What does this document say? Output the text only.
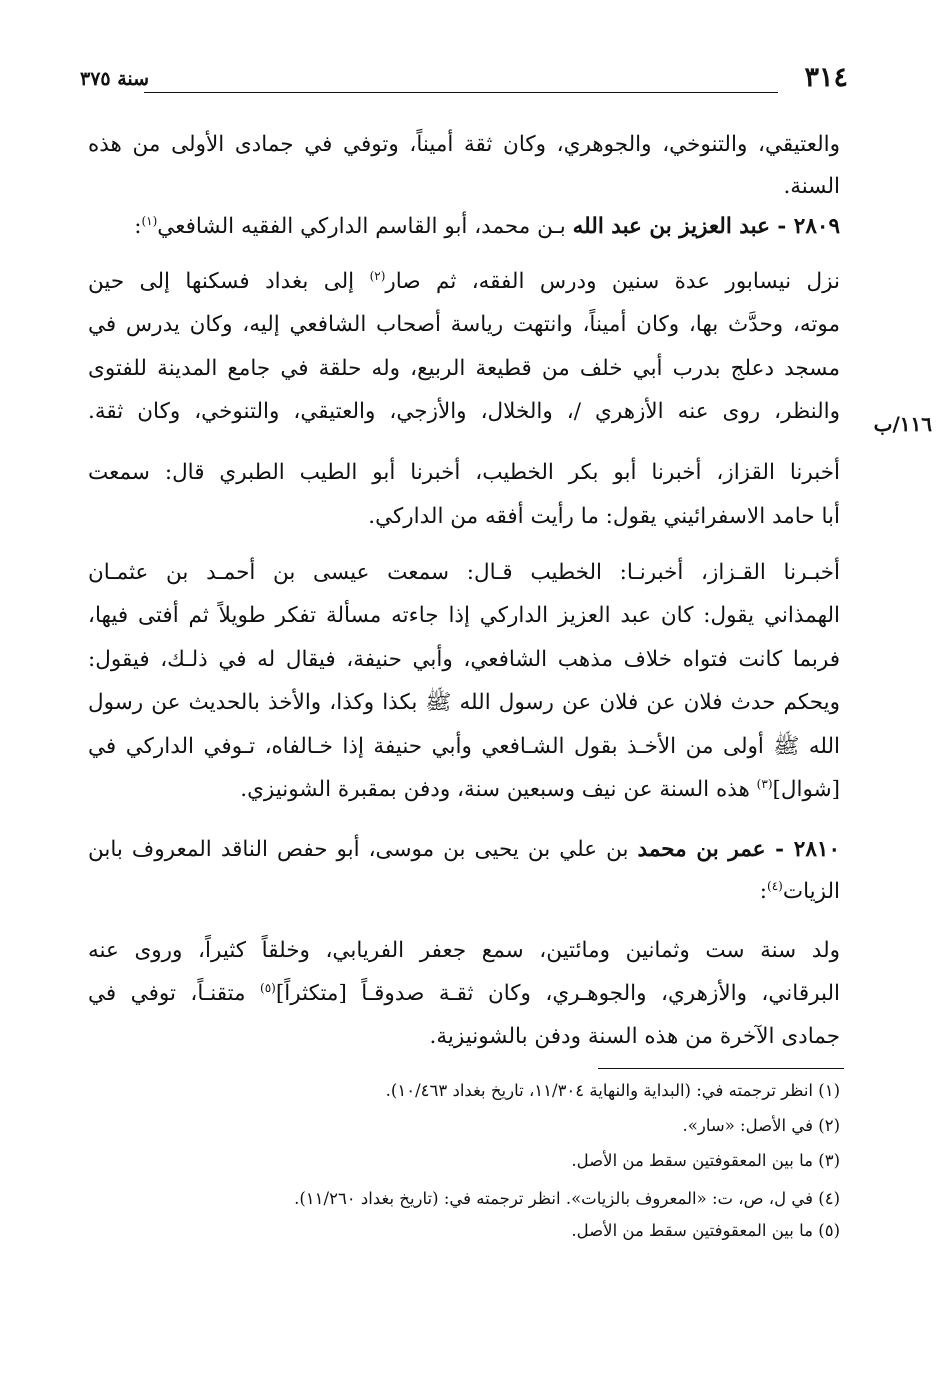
سنة ٣٧٥	٣١٤
والعتيقي، والتنوخي، والجوهري، وكان ثقة أميناً، وتوفي في جمادى الأولى من هذه
السنة.
٢٨٠٩ - عبد العزيز بن عبد الله بـن محمد، أبو القاسم الداركي الفقيه الشافعي$^{(١)}$:
نزل نيسابور عدة سنين ودرس الفقه، ثم صار$^{(٢)}$ إلى بغداد فسكنها إلى حين
موته، وحدَّث بها، وكان أميناً، وانتهت رياسة أصحاب الشافعي إليه، وكان يدرس في
مسجد دعلج بدرب أبي خلف من قطيعة الربيع، وله حلقة في جامع المدينة للفتوى
والنظر، روى عنه الأزهري /، والخلال، والأزجي، والعتيقي، والتنوخي، وكان ثقة.	١١٦/ب
أخبرنا القزاز، أخبرنا أبو بكر الخطيب، أخبرنا أبو الطيب الطبري قال: سمعت
أبا حامد الاسفرائيني يقول: ما رأيت أفقه من الداركي.
أخبـرنا القـزاز، أخبرنـا: الخطيب قـال: سمعت عيسى بن أحمـد بن عثمـان
الهمذاني يقول: كان عبد العزيز الداركي إذا جاءته مسألة تفكر طويلاً ثم أفتى فيها،
فربما كانت فتواه خلاف مذهب الشافعي، وأبي حنيفة، فيقال له في ذلـك، فيقول:
ويحكم حدث فلان عن فلان عن رسول الله ﷺ بكذا وكذا، والأخذ بالحديث عن رسول
الله ﷺ أولى من الأخـذ بقول الشـافعي وأبي حنيفة إذا خـالفاه، تـوفي الداركي في
[شوال]$^{(٣)}$ هذه السنة عن نيف وسبعين سنة، ودفن بمقبرة الشونيزي.
٢٨١٠ - عمر بن محمد بن علي بن يحيى بن موسى، أبو حفص الناقد المعروف بابن
الزيات$^{(٤)}$:
ولد سنة ست وثمانين ومائتين، سمع جعفر الفريابي، وخلقاً كثيراً، وروى عنه
البرقاني، والأزهري، والجوهـري، وكان ثقـة صدوقـاً [متكثراً]$^{(٥)}$ متقنـاً، توفي في
جمادى الآخرة من هذه السنة ودفن بالشونيزية.
(١) انظر ترجمته في: (البداية والنهاية ١١/٣٠٤، تاريخ بغداد ١٠/٤٦٣).
(٢) في الأصل: «سار».
(٣) ما بين المعقوفتين سقط من الأصل.
(٤) في ل، ص، ت: «المعروف بالزيات». انظر ترجمته في: (تاريخ بغداد ١١/٢٦٠).
(٥) ما بين المعقوفتين سقط من الأصل.
